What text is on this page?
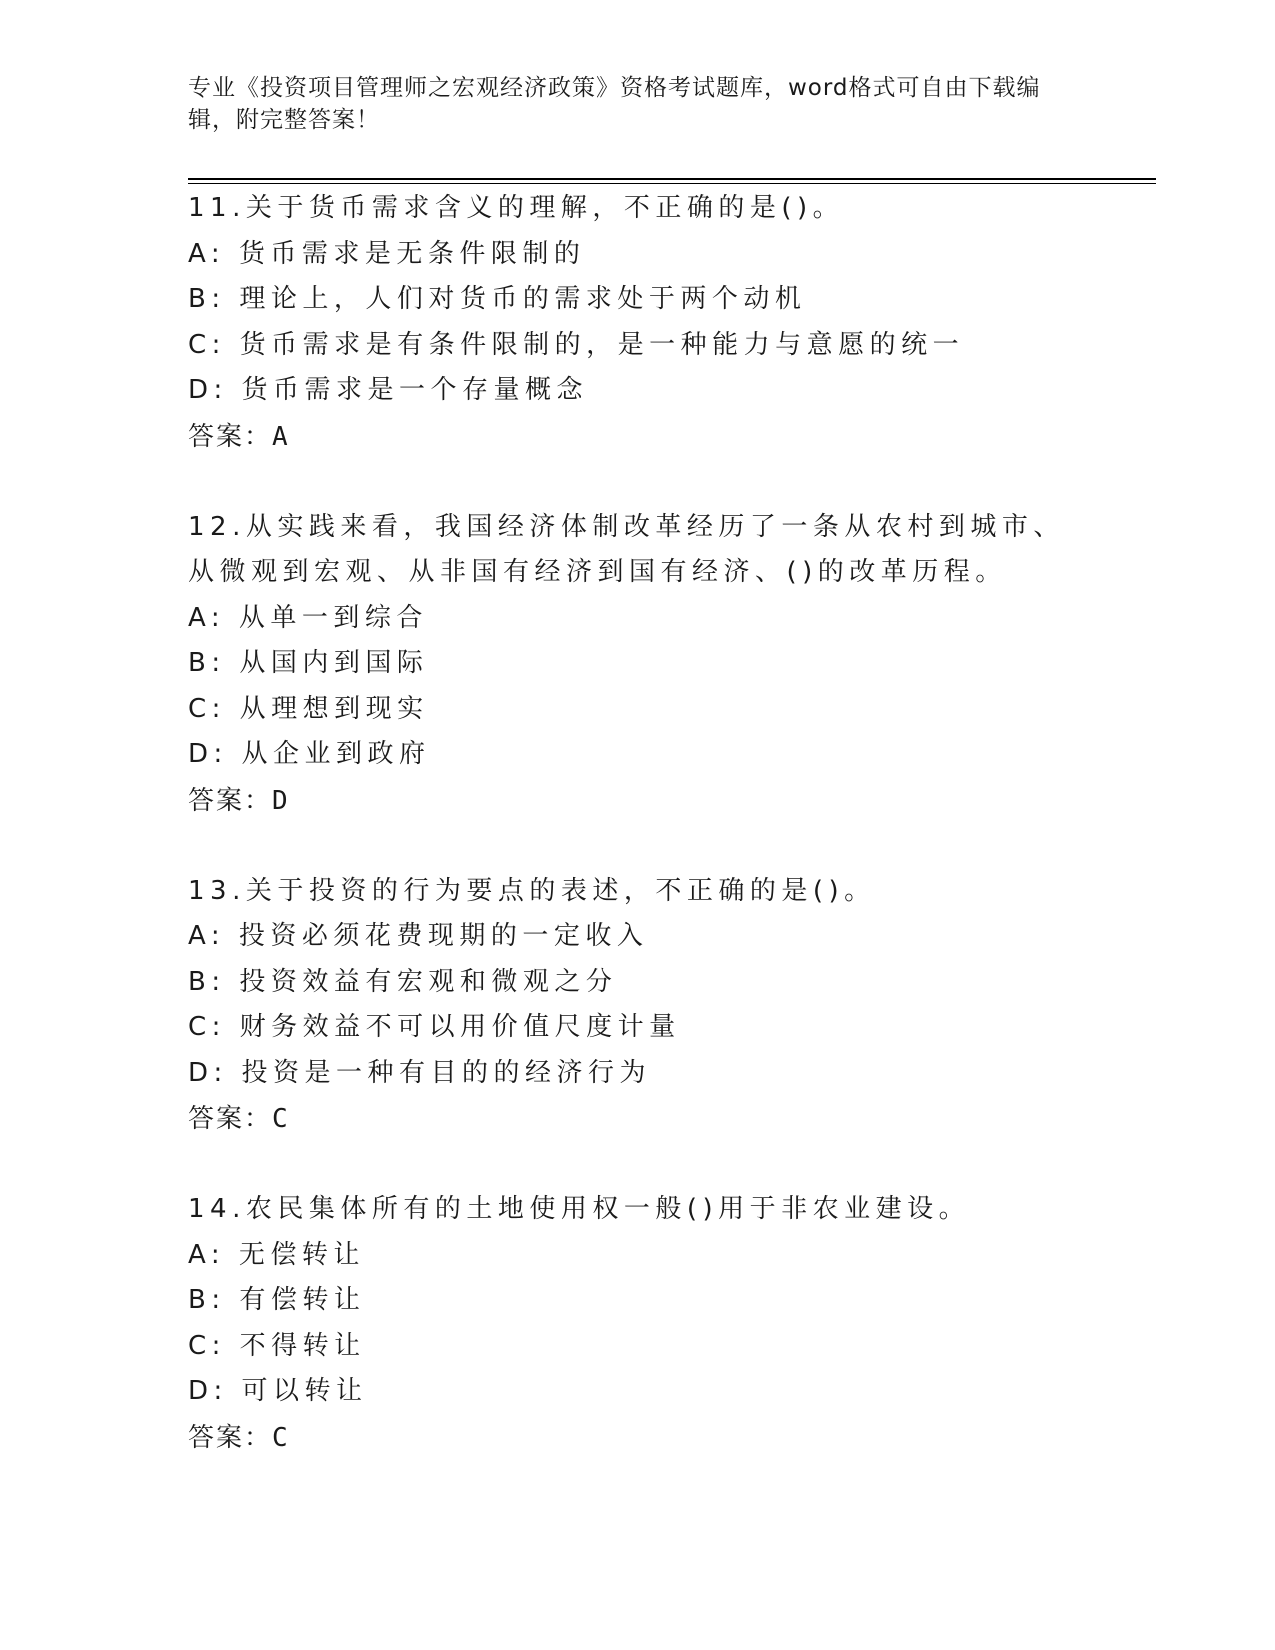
专业《投资项目管理师之宏观经济政策》资格考试题库，word格式可自由下载编辑，附完整答案！
11.关于货币需求含义的理解，不正确的是()。
A: 货币需求是无条件限制的
B: 理论上，人们对货币的需求处于两个动机
C: 货币需求是有条件限制的，是一种能力与意愿的统一
D: 货币需求是一个存量概念
答案：A
12.从实践来看，我国经济体制改革经历了一条从农村到城市、从微观到宏观、从非国有经济到国有经济、()的改革历程。
A: 从单一到综合
B: 从国内到国际
C: 从理想到现实
D: 从企业到政府
答案：D
13.关于投资的行为要点的表述，不正确的是()。
A: 投资必须花费现期的一定收入
B: 投资效益有宏观和微观之分
C: 财务效益不可以用价值尺度计量
D: 投资是一种有目的的经济行为
答案：C
14.农民集体所有的土地使用权一般()用于非农业建设。
A: 无偿转让
B: 有偿转让
C: 不得转让
D: 可以转让
答案：C
